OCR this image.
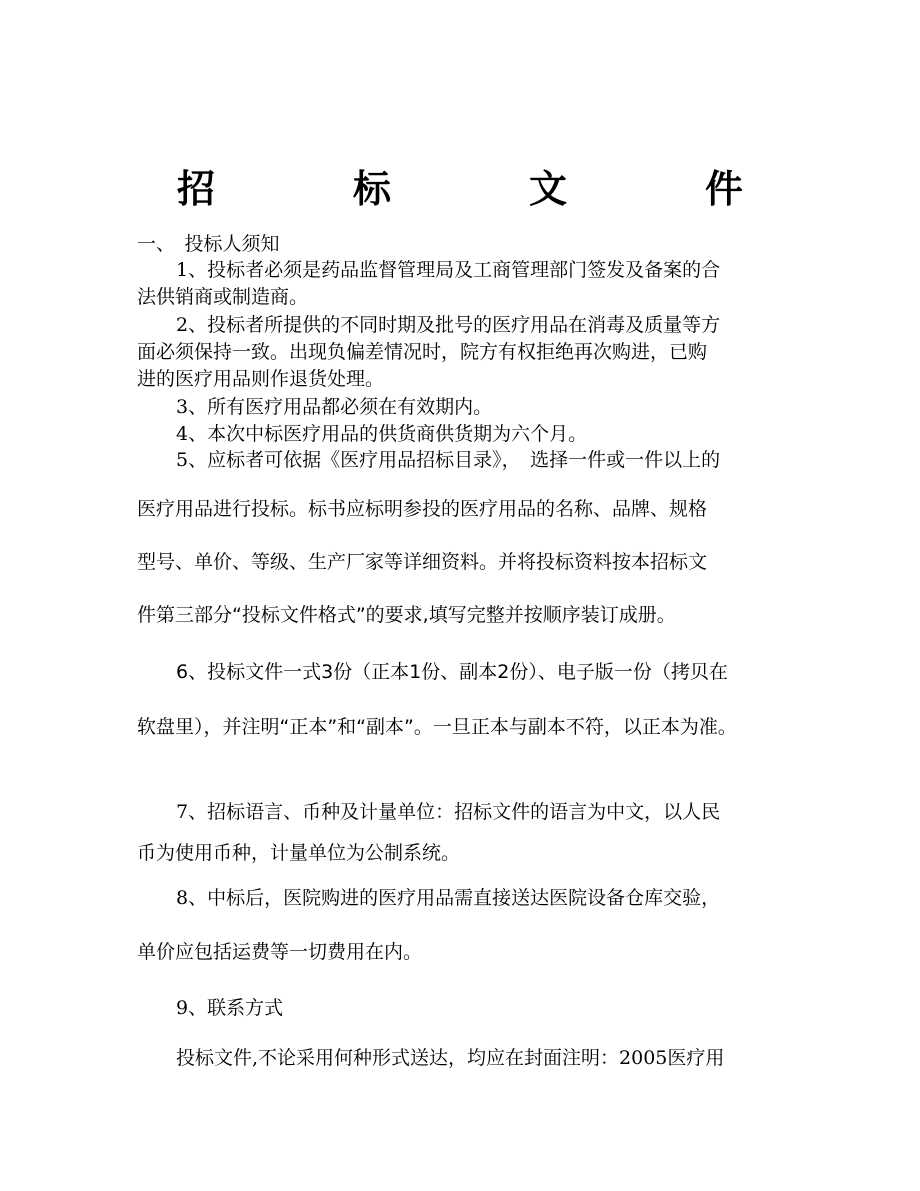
招　标　文　件
一、　投标人须知
1、投标者必须是药品监督管理局及工商管理部门签发及备案的合
法供销商或制造商。
2、投标者所提供的不同时期及批号的医疗用品在消毒及质量等方
面必须保持一致。出现负偏差情况时，院方有权拒绝再次购进，已购
进的医疗用品则作退货处理。
3、所有医疗用品都必须在有效期内。
4、本次中标医疗用品的供货商供货期为六个月。
5、应标者可依据《医疗用品招标目录》，　选择一件或一件以上的
医疗用品进行投标。标书应标明参投的医疗用品的名称、品牌、规格
型号、单价、等级、生产厂家等详细资料。并将投标资料按本招标文
件第三部分“投标文件格式”的要求,填写完整并按顺序装订成册。
6、投标文件一式3份（正本1份、副本2份）、电子版一份（拷贝在
软盘里），并注明“正本”和“副本”。一旦正本与副本不符，以正本为准。
7、招标语言、币种及计量单位：招标文件的语言为中文，以人民
币为使用币种，计量单位为公制系统。
8、中标后，医院购进的医疗用品需直接送达医院设备仓库交验，
单价应包括运费等一切费用在内。
9、联系方式
投标文件,不论采用何种形式送达，均应在封面注明：2005医疗用
